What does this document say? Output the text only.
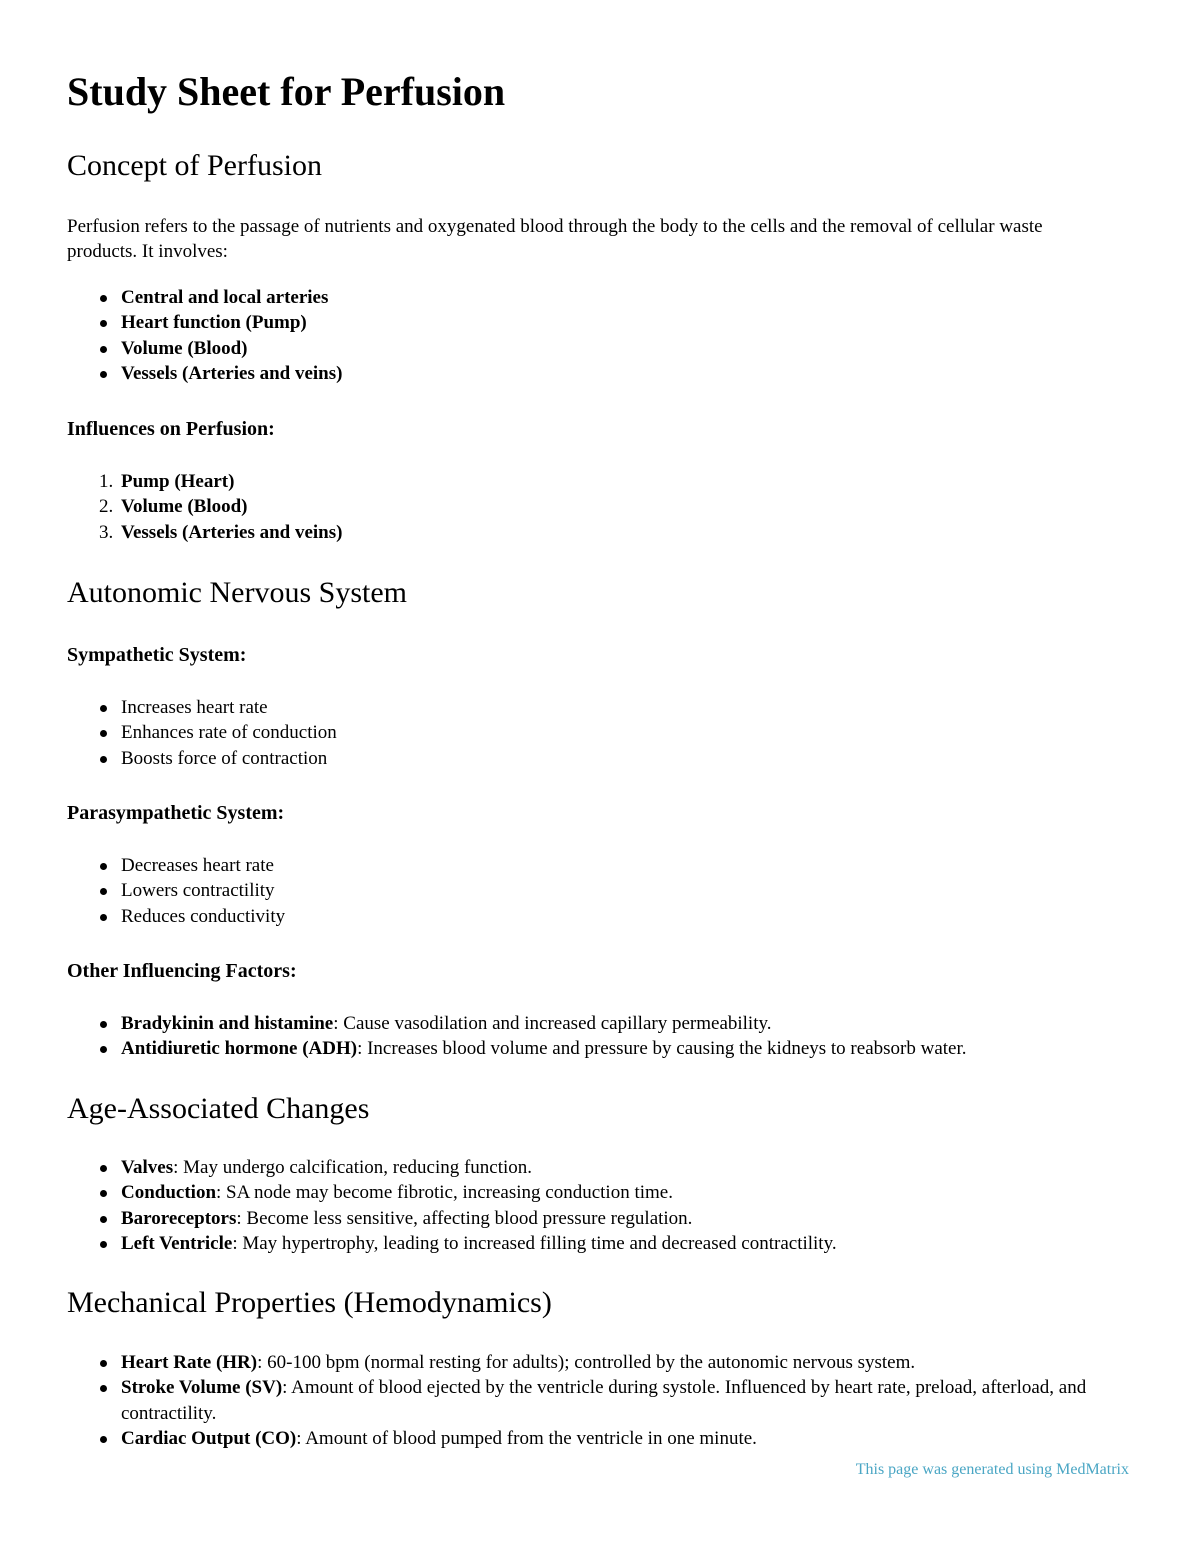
Study Sheet for Perfusion
Concept of Perfusion

Perfusion refers to the passage of nutrients and oxygenated blood through the body to the cells and the removal of cellular waste products. It involves:

Central and local arteries
Heart function (Pump)
Volume (Blood)
Vessels (Arteries and veins)
Influences on Perfusion:
1. Pump (Heart)
2. Volume (Blood)
3. Vessels (Arteries and veins)
Autonomic Nervous System
Sympathetic System:
Increases heart rate
Enhances rate of conduction
Boosts force of contraction
Parasympathetic System:
Decreases heart rate
Lowers contractility
Reduces conductivity
Other Influencing Factors:
Bradykinin and histamine: Cause vasodilation and increased capillary permeability.
Antidiuretic hormone (ADH): Increases blood volume and pressure by causing the kidneys to reabsorb water.
Age-Associated Changes
Valves: May undergo calcification, reducing function.
Conduction: SA node may become fibrotic, increasing conduction time.
Baroreceptors: Become less sensitive, affecting blood pressure regulation.
Left Ventricle: May hypertrophy, leading to increased filling time and decreased contractility.
Mechanical Properties (Hemodynamics)
Heart Rate (HR): 60-100 bpm (normal resting for adults); controlled by the autonomic nervous system.
Stroke Volume (SV): Amount of blood ejected by the ventricle during systole. Influenced by heart rate, preload, afterload, and contractility.
Cardiac Output (CO): Amount of blood pumped from the ventricle in one minute.
This page was generated using MedMatrix
